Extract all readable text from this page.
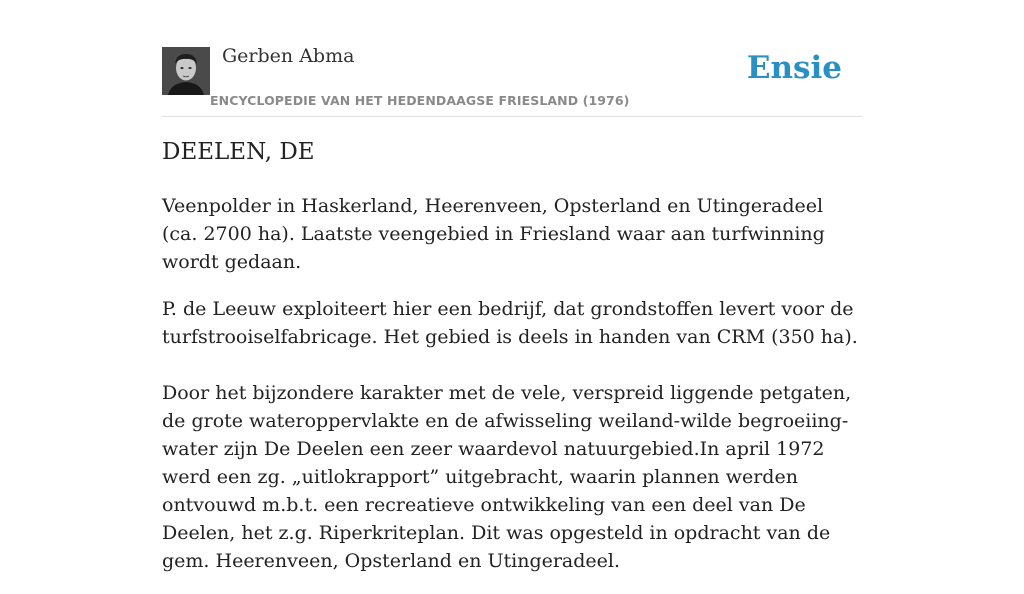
Gerben Abma
ENCYCLOPEDIE VAN HET HEDENDAAGSE FRIESLAND (1976)
Ensie
DEELEN, DE

Veenpolder in Haskerland, Heerenveen, Opsterland en Utingeradeel (ca. 2700 ha). Laatste veengebied in Friesland waar aan turfwinning wordt gedaan.

P. de Leeuw exploiteert hier een bedrijf, dat grondstoffen levert voor de turfstrooiselfabricage. Het gebied is deels in handen van CRM (350 ha).

Door het bijzondere karakter met de vele, verspreid liggende petgaten, de grote wateroppervlakte en de afwisseling weiland-wilde begroeiing-water zijn De Deelen een zeer waardevol natuurgebied.In april 1972 werd een zg. „uitlokrapport” uitgebracht, waarin plannen werden ontvouwd m.b.t. een recreatieve ontwikkeling van een deel van De Deelen, het z.g. Riperkriteplan. Dit was opgesteld in opdracht van de gem. Heerenveen, Opsterland en Utingeradeel.
